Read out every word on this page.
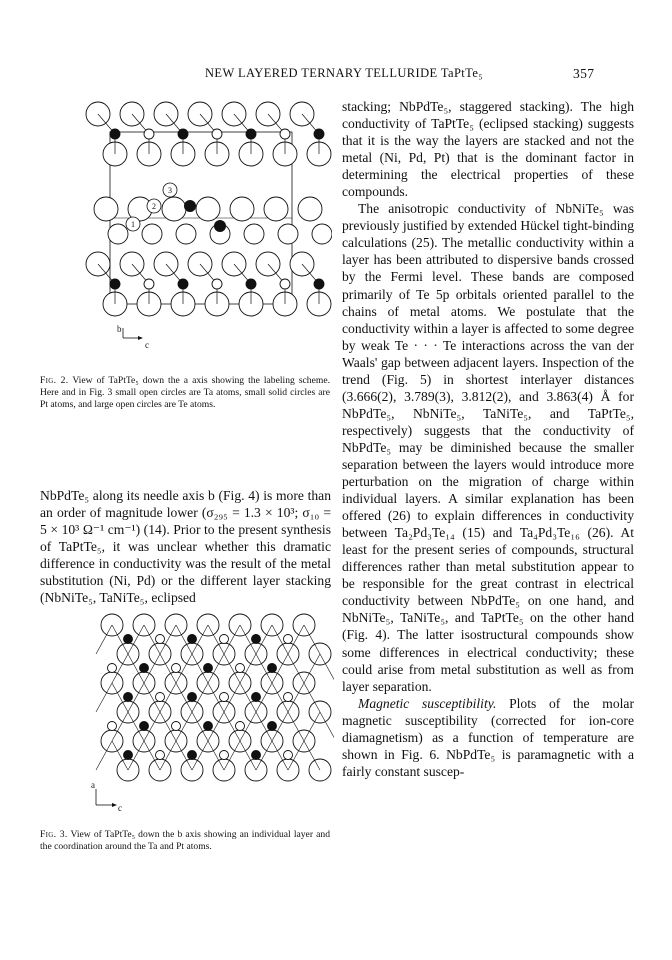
NEW LAYERED TERNARY TELLURIDE TaPtTe₅	357
1
2
3
b
c
Fig. 2. View of TaPtTe₅ down the a axis showing the labeling scheme. Here and in Fig. 3 small open circles are Ta atoms, small solid circles are Pt atoms, and large open circles are Te atoms.

NbPdTe₅ along its needle axis b (Fig. 4) is more than an order of magnitude lower (σ₂₉₅ = 1.3 × 10³; σ₁₀ = 5 × 10³ Ω⁻¹ cm⁻¹) (14). Prior to the present synthesis of TaPtTe₅, it was unclear whether this dramatic difference in conductivity was the result of the metal substitution (Ni, Pd) or the different layer stacking (NbNiTe₅, TaNiTe₅, eclipsed

a
c
Fig. 3. View of TaPtTe₅ down the b axis showing an individual layer and the coordination around the Ta and Pt atoms.

stacking; NbPdTe₅, staggered stacking). The high conductivity of TaPtTe₅ (eclipsed stacking) suggests that it is the way the layers are stacked and not the metal (Ni, Pd, Pt) that is the dominant factor in determining the electrical properties of these compounds.

The anisotropic conductivity of NbNiTe₅ was previously justified by extended Hückel tight-binding calculations (25). The metallic conductivity within a layer has been attributed to dispersive bands crossed by the Fermi level. These bands are composed primarily of Te 5p orbitals oriented parallel to the chains of metal atoms. We postulate that the conductivity within a layer is affected to some degree by weak Te · · · Te interactions across the van der Waals' gap between adjacent layers. Inspection of the trend (Fig. 5) in shortest interlayer distances (3.666(2), 3.789(3), 3.812(2), and 3.863(4) Å for NbPdTe₅, NbNiTe₅, TaNiTe₅, and TaPtTe₅, respectively) suggests that the conductivity of NbPdTe₅ may be diminished because the smaller separation between the layers would introduce more perturbation on the migration of charge within individual layers. A similar explanation has been offered (26) to explain differences in conductivity between Ta₂Pd₃Te₁₄ (15) and Ta₄Pd₃Te₁₆ (26). At least for the present series of compounds, structural differences rather than metal substitution appear to be responsible for the great contrast in electrical conductivity between NbPdTe₅ on one hand, and NbNiTe₅, TaNiTe₅, and TaPtTe₅ on the other hand (Fig. 4). The latter isostructural compounds show some differences in electrical conductivity; these could arise from metal substitution as well as from layer separation.

Magnetic susceptibility. Plots of the molar magnetic susceptibility (corrected for ion-core diamagnetism) as a function of temperature are shown in Fig. 6. NbPdTe₅ is paramagnetic with a fairly constant suscep-
